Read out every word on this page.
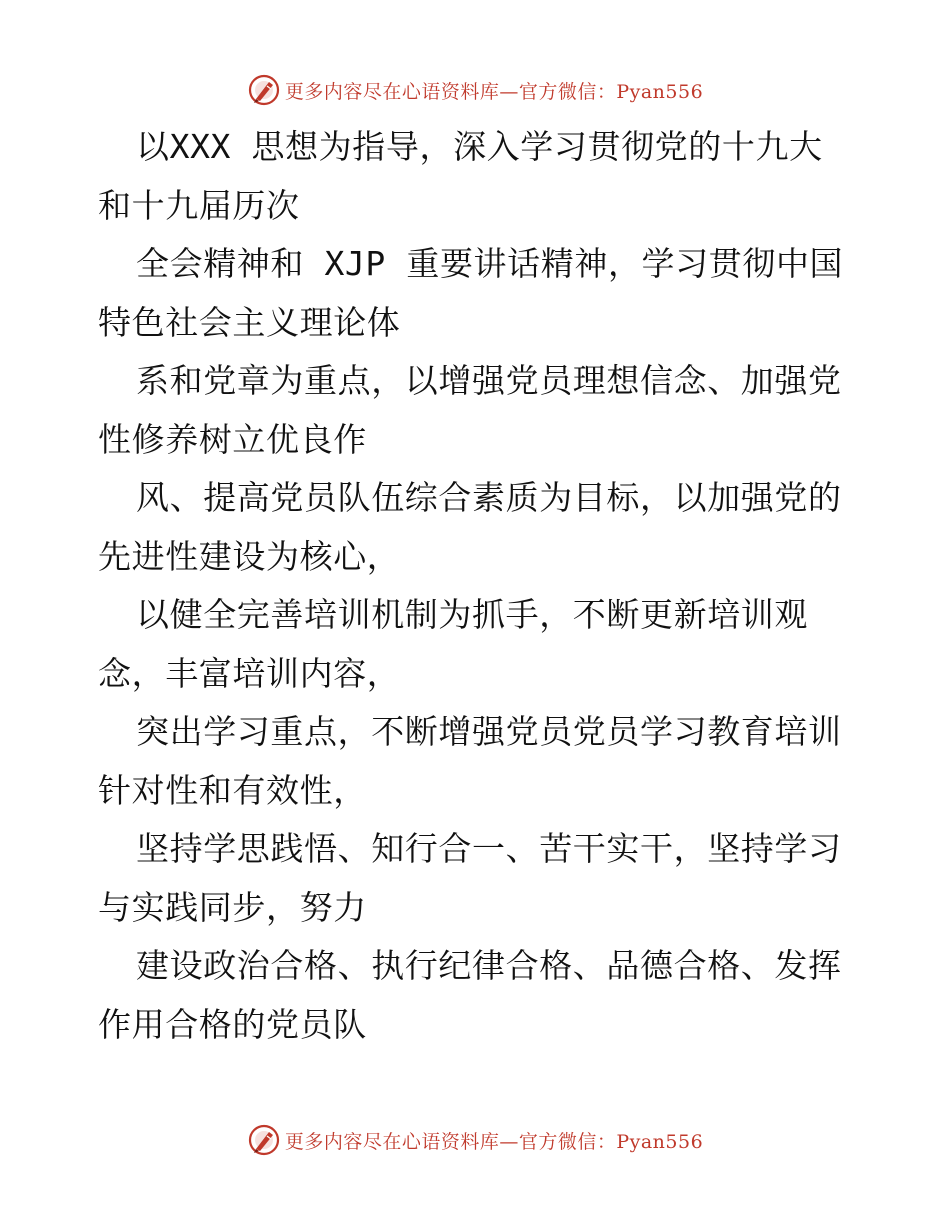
更多内容尽在心语资料库—官方微信：Pyan556
以XXX 思想为指导，深入学习贯彻党的十九大
和十九届历次
全会精神和 XJP 重要讲话精神，学习贯彻中国
特色社会主义理论体
系和党章为重点，以增强党员理想信念、加强党
性修养树立优良作
风、提高党员队伍综合素质为目标，以加强党的
先进性建设为核心，
以健全完善培训机制为抓手，不断更新培训观
念，丰富培训内容，
突出学习重点，不断增强党员党员学习教育培训
针对性和有效性，
坚持学思践悟、知行合一、苦干实干，坚持学习
与实践同步，努力
建设政治合格、执行纪律合格、品德合格、发挥
作用合格的党员队
更多内容尽在心语资料库—官方微信：Pyan556
